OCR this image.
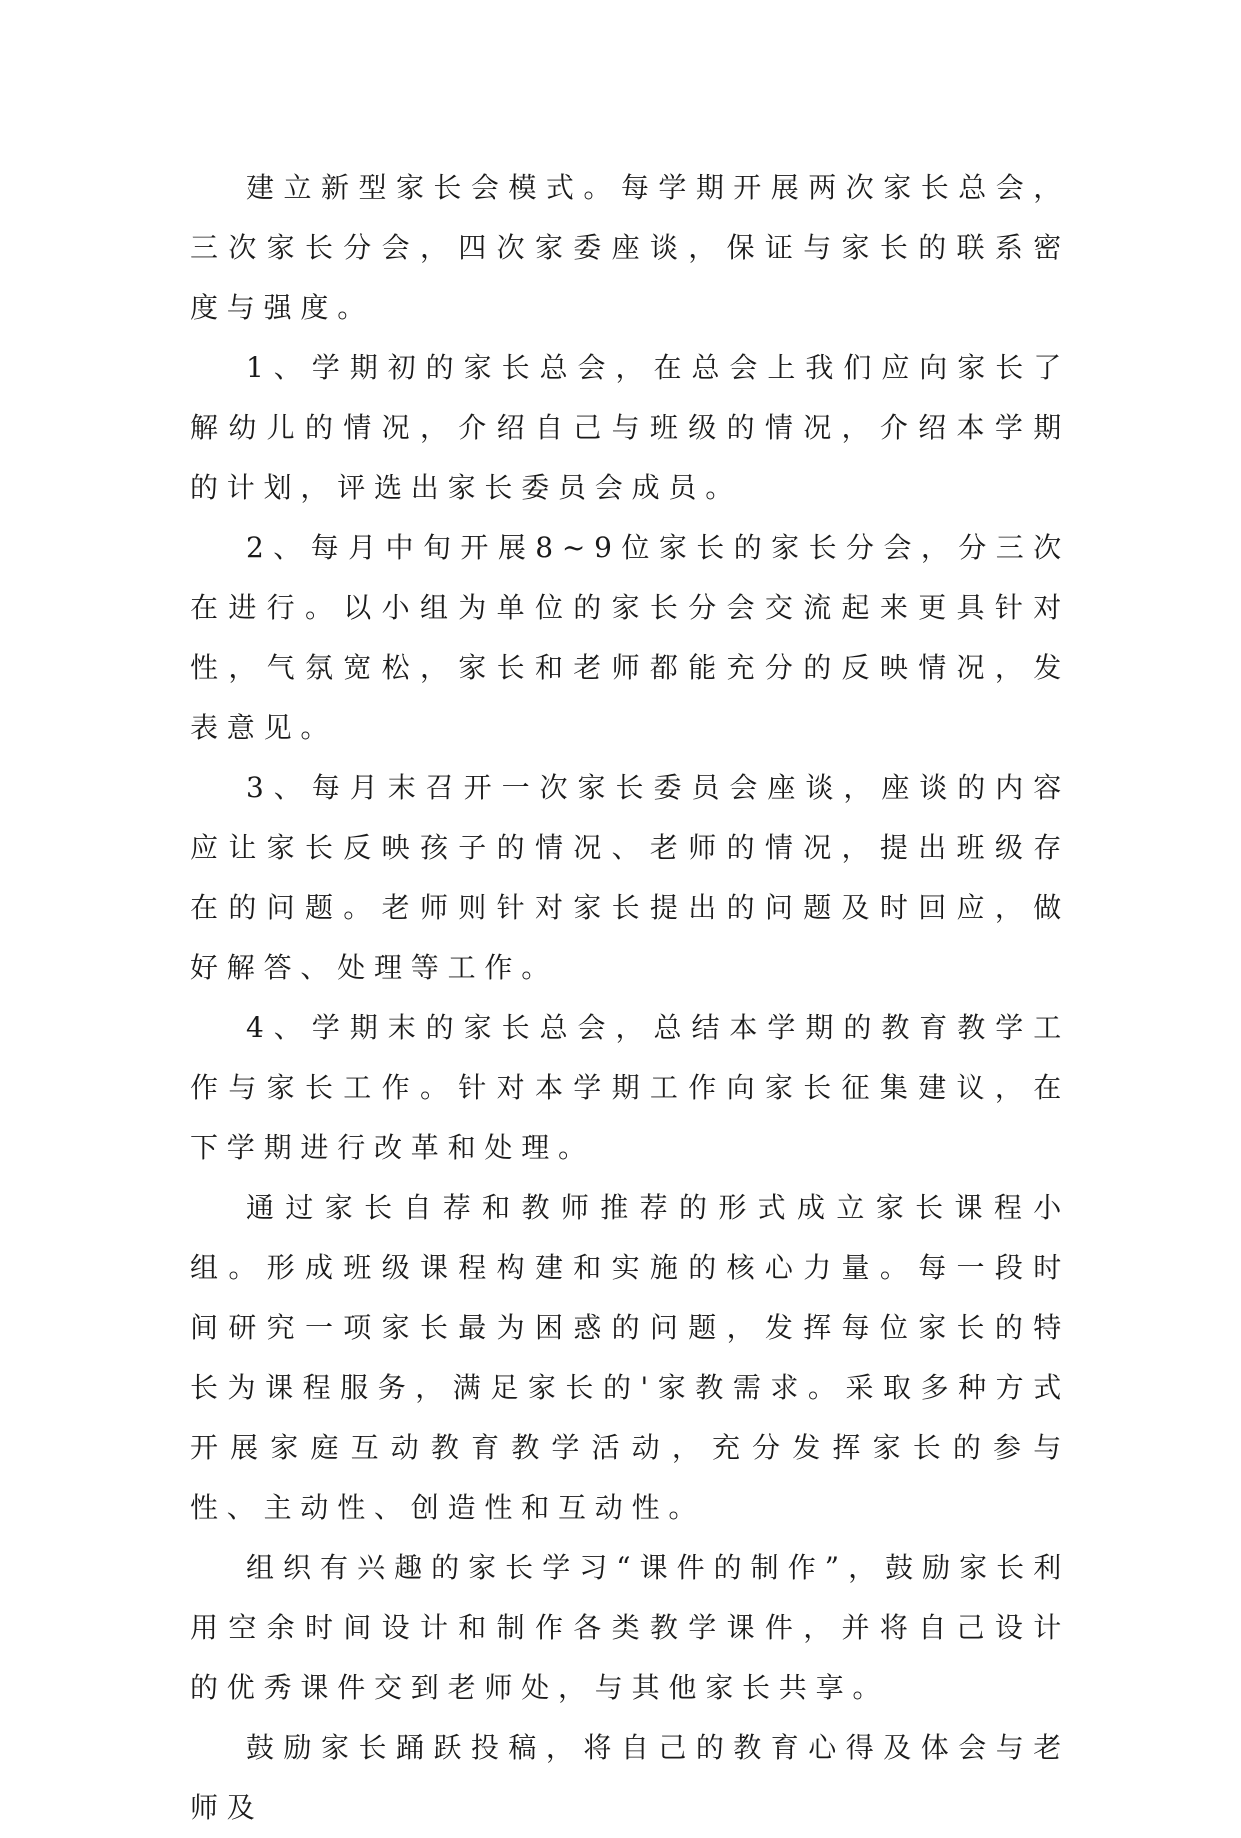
建立新型家长会模式。每学期开展两次家长总会，三次家长分会，四次家委座谈，保证与家长的联系密度与强度。

1、学期初的家长总会，在总会上我们应向家长了解幼儿的情况，介绍自己与班级的情况，介绍本学期的计划，评选出家长委员会成员。

2、每月中旬开展8~9位家长的家长分会，分三次在进行。以小组为单位的家长分会交流起来更具针对性，气氛宽松，家长和老师都能充分的反映情况，发表意见。

3、每月末召开一次家长委员会座谈，座谈的内容应让家长反映孩子的情况、老师的情况，提出班级存在的问题。老师则针对家长提出的问题及时回应，做好解答、处理等工作。

4、学期末的家长总会，总结本学期的教育教学工作与家长工作。针对本学期工作向家长征集建议，在下学期进行改革和处理。

通过家长自荐和教师推荐的形式成立家长课程小组。形成班级课程构建和实施的核心力量。每一段时间研究一项家长最为困惑的问题，发挥每位家长的特长为课程服务，满足家长的'家教需求。采取多种方式开展家庭互动教育教学活动，充分发挥家长的参与性、主动性、创造性和互动性。

组织有兴趣的家长学习“课件的制作”，鼓励家长利用空余时间设计和制作各类教学课件，并将自己设计的优秀课件交到老师处，与其他家长共享。

鼓励家长踊跃投稿，将自己的教育心得及体会与老师及
